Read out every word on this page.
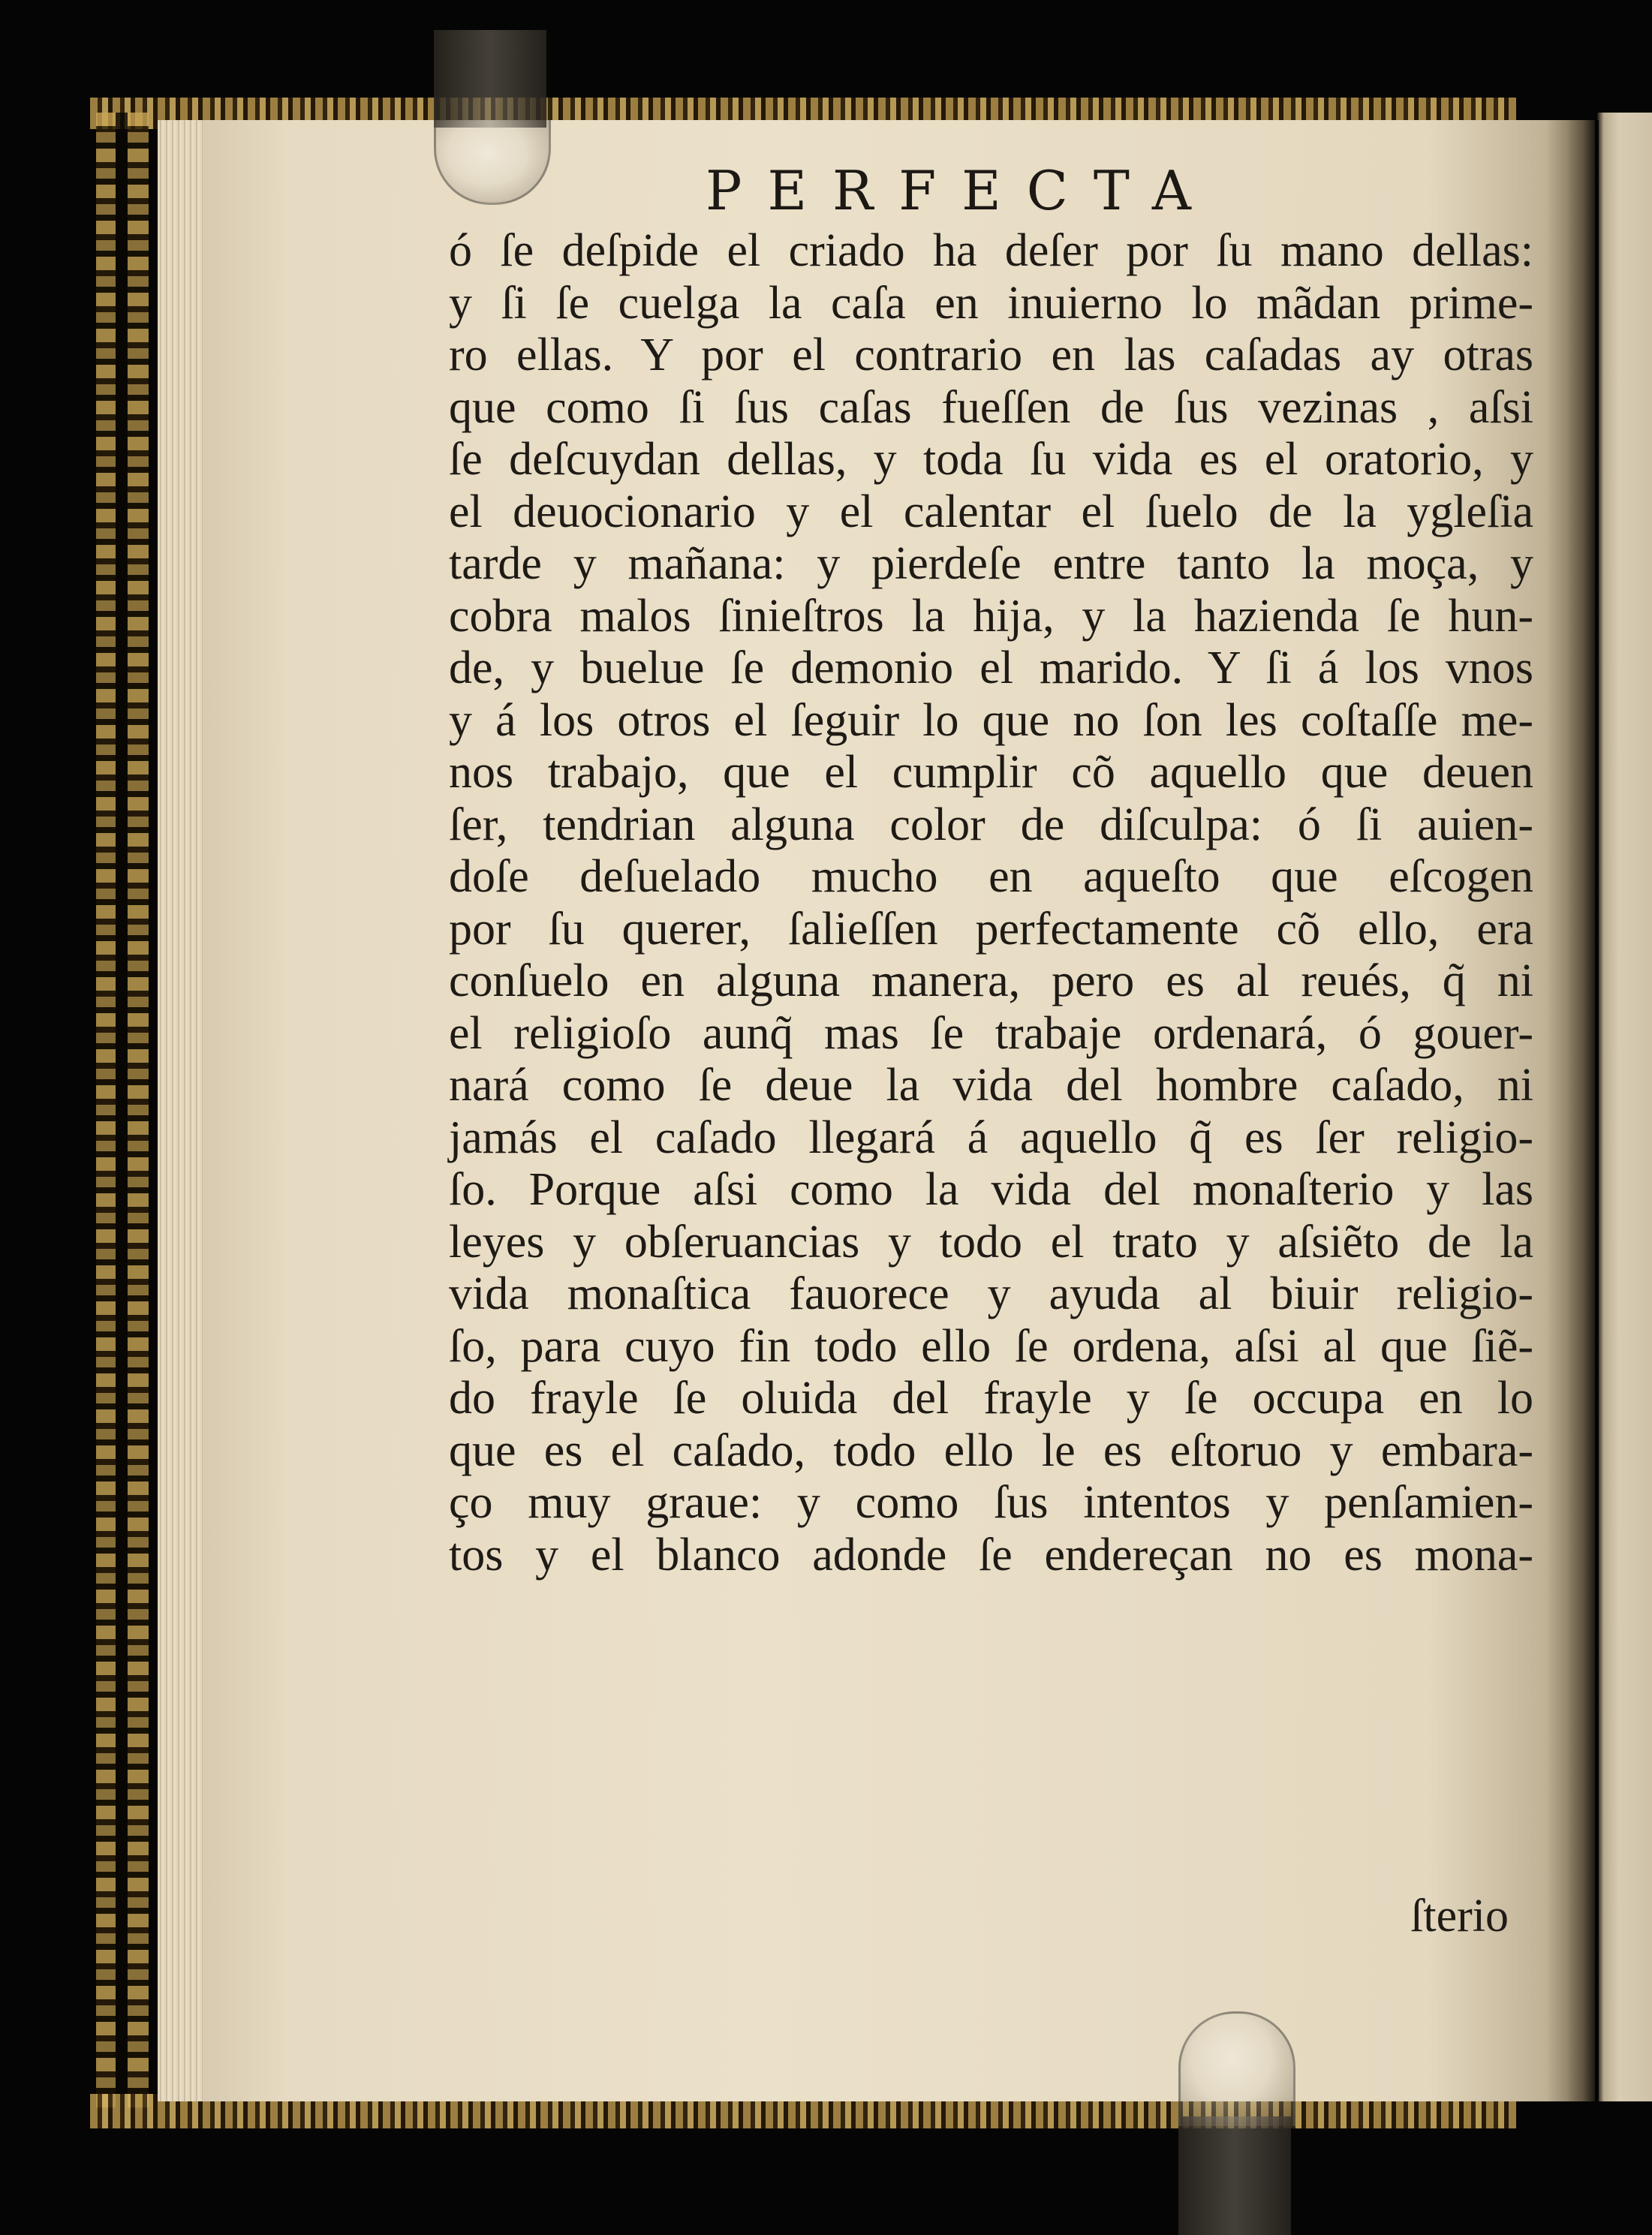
PERFECTA
ó ſe deſpide el criado ha deſer por ſu mano dellas:
y ſi ſe cuelga la caſa en inuierno lo mãdan prime-
ro ellas. Y por el contrario en las caſadas ay otras
que como ſi ſus caſas fueſſen de ſus vezinas , aſsi
ſe deſcuydan dellas, y toda ſu vida es el oratorio, y
el deuocionario y el calentar el ſuelo de la ygleſia
tarde y mañana: y pierdeſe entre tanto la moça, y
cobra malos ſinieſtros la hija, y la hazienda ſe hun-
de, y buelue ſe demonio el marido. Y ſi á los vnos
y á los otros el ſeguir lo que no ſon les coſtaſſe me-
nos trabajo, que el cumplir cõ aquello que deuen
ſer, tendrian alguna color de diſculpa: ó ſi auien-
doſe deſuelado mucho en aqueſto que eſcogen
por ſu querer, ſalieſſen perfectamente cõ ello, era
conſuelo en alguna manera, pero es al reués, q̃ ni
el religioſo aunq̃ mas ſe trabaje ordenará, ó gouer-
nará como ſe deue la vida del hombre caſado, ni
jamás el caſado llegará á aquello q̃ es ſer religio-
ſo. Porque aſsi como la vida del monaſterio y las
leyes y obſeruancias y todo el trato y aſsiẽto de la
vida monaſtica fauorece y ayuda al biuir religio-
ſo, para cuyo fin todo ello ſe ordena, aſsi al que ſiẽ-
do frayle ſe oluida del frayle y ſe occupa en lo
que es el caſado, todo ello le es eſtoruo y embara-
ço muy graue: y como ſus intentos y penſamien-
tos y el blanco adonde ſe endereçan no es mona-
ſterio
